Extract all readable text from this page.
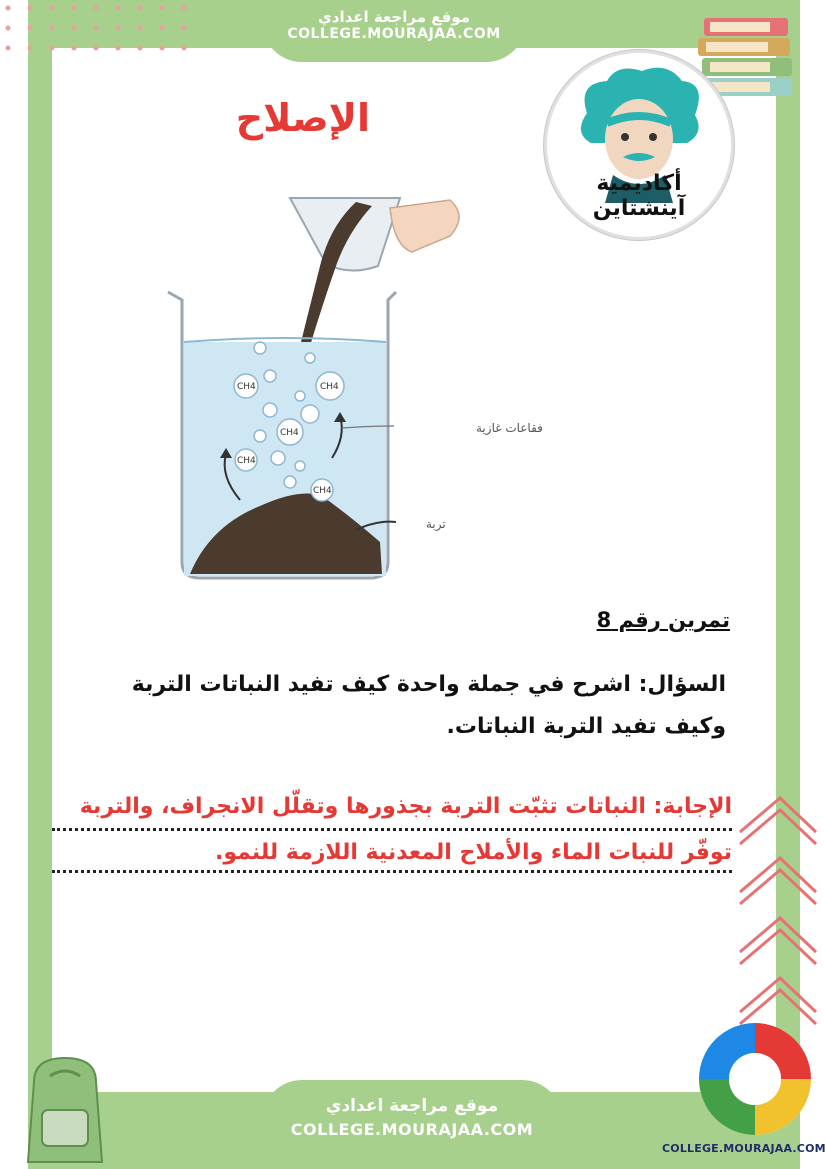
موقع مراجعة اعدادي
COLLEGE.MOURAJAA.COM
أكاديمية آينشتاين
الإصلاح
CH4	CH4
CH4
CH4
CH4
فقاعات غازية
تربة
تمرين رقم 8
السؤال: اشرح في جملة واحدة كيف تفيد النباتات التربة
وكيف تفيد التربة النباتات.
الإجابة: النباتات تثبّت التربة بجذورها وتقلّل الانجراف، والتربة
توفّر للنبات الماء والأملاح المعدنية اللازمة للنمو.
موقع مراجعة اعدادي
COLLEGE.MOURAJAA.COM
COLLEGE.MOURAJAA.COM
